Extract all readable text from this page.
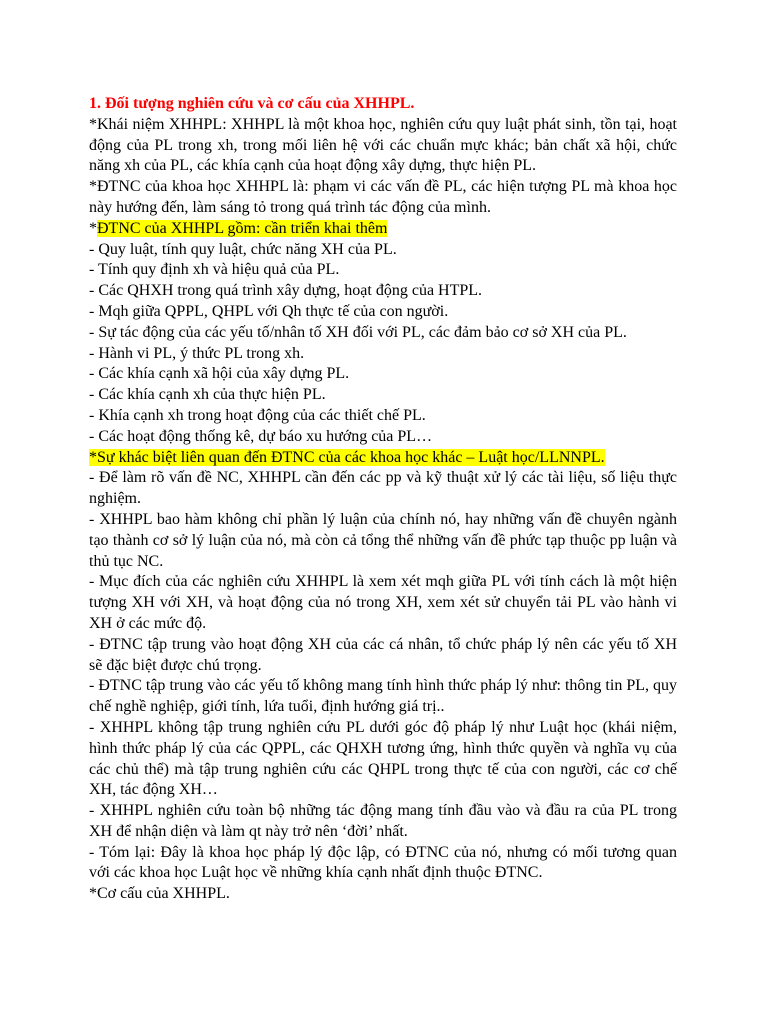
1. Đối tượng nghiên cứu và cơ cấu của XHHPL.

*Khái niệm XHHPL: XHHPL là một khoa học, nghiên cứu quy luật phát sinh, tồn tại, hoạt động của PL trong xh, trong mối liên hệ với các chuẩn mực khác; bản chất xã hội, chức năng xh của PL, các khía cạnh của hoạt động xây dựng, thực hiện PL.

*ĐTNC của khoa học XHHPL là: phạm vi các vấn đề PL, các hiện tượng PL mà khoa học này hướng đến, làm sáng tỏ trong quá trình tác động của mình.

*ĐTNC của XHHPL gồm: cần triển khai thêm

- Quy luật, tính quy luật, chức năng XH của PL.

- Tính quy định xh và hiệu quả của PL.

- Các QHXH trong quá trình xây dựng, hoạt động của HTPL.

- Mqh giữa QPPL, QHPL với Qh thực tế của con người.

- Sự tác động của các yếu tố/nhân tố XH đối với PL, các đảm bảo cơ sở XH của PL.

- Hành vi PL, ý thức PL trong xh.

- Các khía cạnh xã hội của xây dựng PL.

- Các khía cạnh xh của thực hiện PL.

- Khía cạnh xh trong hoạt động của các thiết chế PL.

- Các hoạt động thống kê, dự báo xu hướng của PL…

*Sự khác biệt liên quan đến ĐTNC của các khoa học khác – Luật học/LLNNPL.

- Để làm rõ vấn đề NC, XHHPL cần đến các pp và kỹ thuật xử lý các tài liệu, số liệu thực nghiệm.

- XHHPL bao hàm không chỉ phần lý luận của chính nó, hay những vấn đề chuyên ngành tạo thành cơ sở lý luận của nó, mà còn cả tổng thể những vấn đề phức tạp thuộc pp luận và thủ tục NC.

- Mục đích của các nghiên cứu XHHPL là xem xét mqh giữa PL với tính cách là một hiện tượng XH với XH, và hoạt động của nó trong XH, xem xét sử chuyển tải PL vào hành vi XH ở các mức độ.

- ĐTNC tập trung vào hoạt động XH của các cá nhân, tổ chức pháp lý nên các yếu tố XH sẽ đặc biệt được chú trọng.

- ĐTNC tập trung vào các yếu tố không mang tính hình thức pháp lý như: thông tin PL, quy chế nghề nghiệp, giới tính, lứa tuổi, định hướng giá trị..

- XHHPL không tập trung nghiên cứu PL dưới góc độ pháp lý như Luật học (khái niệm, hình thức pháp lý của các QPPL, các QHXH tương ứng, hình thức quyền và nghĩa vụ của các chủ thể) mà tập trung nghiên cứu các QHPL trong thực tế của con người, các cơ chế XH, tác động XH…

- XHHPL nghiên cứu toàn bộ những tác động mang tính đầu vào và đầu ra của PL trong XH để nhận diện và làm qt này trở nên ‘đời’ nhất.

- Tóm lại: Đây là khoa học pháp lý độc lập, có ĐTNC của nó, nhưng có mối tương quan với các khoa học Luật học về những khía cạnh nhất định thuộc ĐTNC.

*Cơ cấu của XHHPL.
